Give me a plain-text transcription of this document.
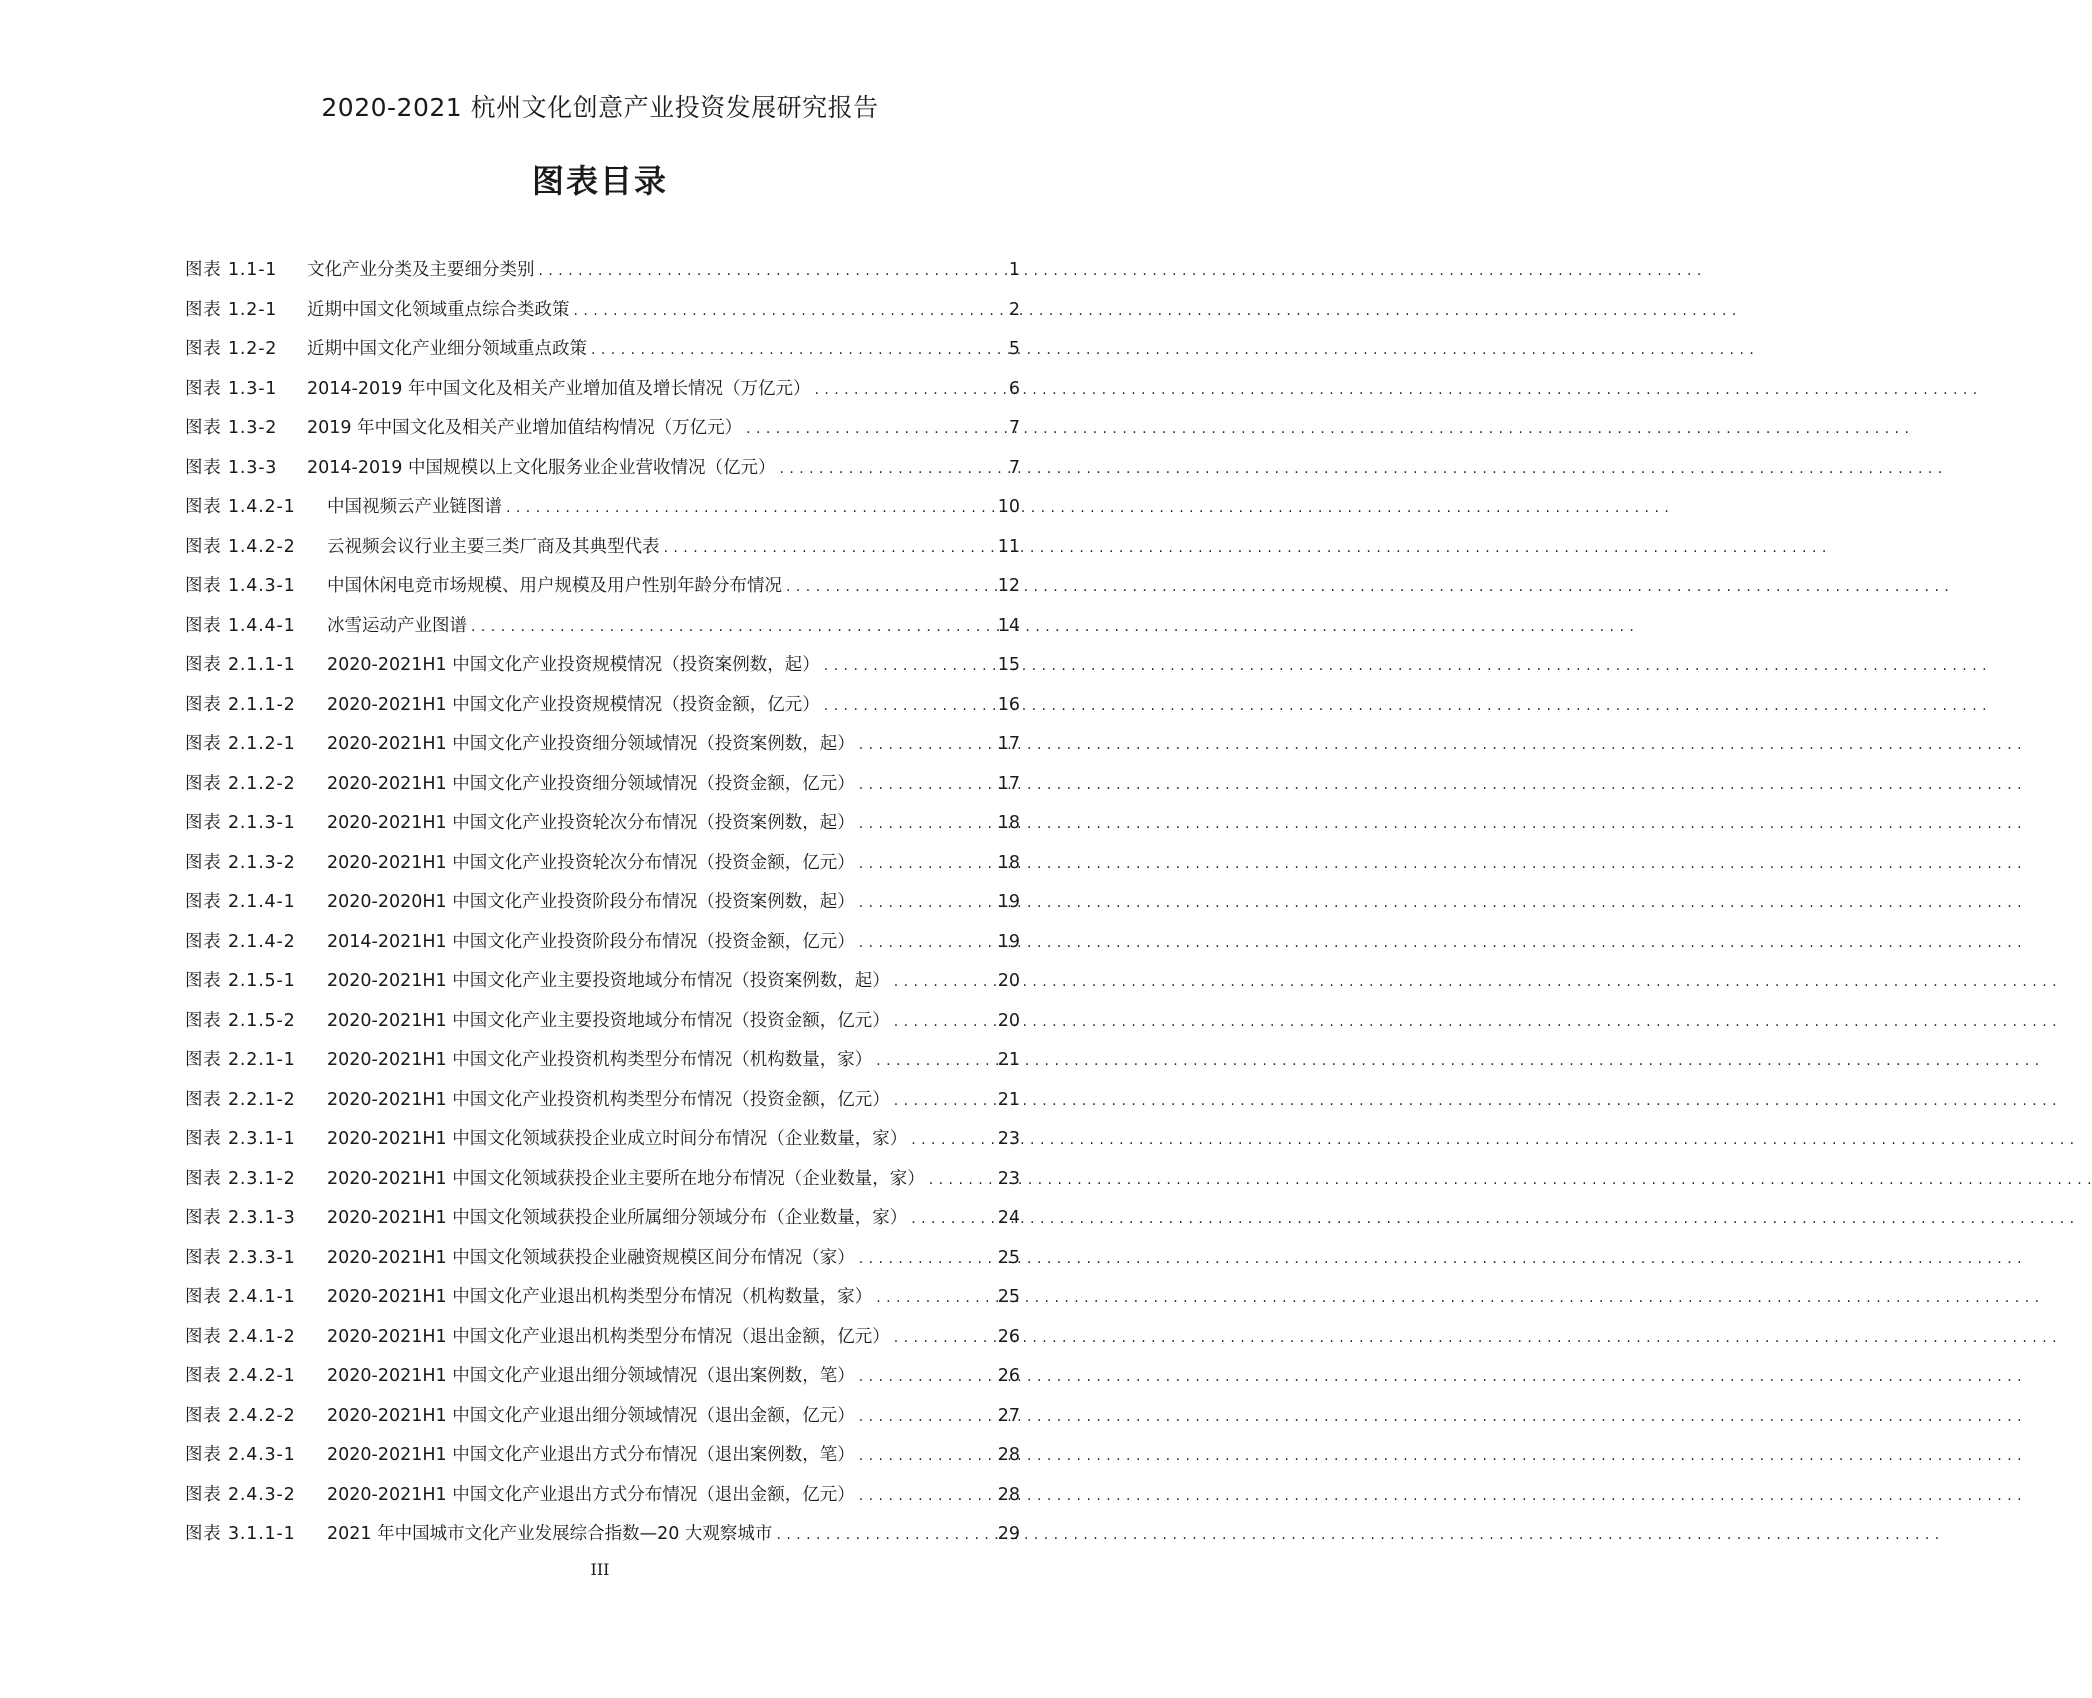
2020-2021 杭州文化创意产业投资发展研究报告
图表目录
图表 1.1-1	文化产业分类及主要细分类别 . . .	1
图表 1.2-1	近期中国文化领域重点综合类政策 . . .	2
图表 1.2-2	近期中国文化产业细分领域重点政策 . . .	5
图表 1.3-1	2014-2019 年中国文化及相关产业增加值及增长情况（万亿元） . . .	6
图表 1.3-2	2019 年中国文化及相关产业增加值结构情况（万亿元） . . .	7
图表 1.3-3	2014-2019 中国规模以上文化服务业企业营收情况（亿元） . . .	7
图表 1.4.2-1	中国视频云产业链图谱 . . .	10
图表 1.4.2-2	云视频会议行业主要三类厂商及其典型代表 . . .	11
图表 1.4.3-1	中国休闲电竞市场规模、用户规模及用户性别年龄分布情况 . . .	12
图表 1.4.4-1	冰雪运动产业图谱 . . .	14
图表 2.1.1-1	2020-2021H1 中国文化产业投资规模情况（投资案例数，起） . . .	15
图表 2.1.1-2	2020-2021H1 中国文化产业投资规模情况（投资金额，亿元） . . .	16
图表 2.1.2-1	2020-2021H1 中国文化产业投资细分领域情况（投资案例数，起） . . .	17
图表 2.1.2-2	2020-2021H1 中国文化产业投资细分领域情况（投资金额，亿元） . . .	17
图表 2.1.3-1	2020-2021H1 中国文化产业投资轮次分布情况（投资案例数，起） . . .	18
图表 2.1.3-2	2020-2021H1 中国文化产业投资轮次分布情况（投资金额，亿元） . . .	18
图表 2.1.4-1	2020-2020H1 中国文化产业投资阶段分布情况（投资案例数，起） . . .	19
图表 2.1.4-2	2014-2021H1 中国文化产业投资阶段分布情况（投资金额，亿元） . . .	19
图表 2.1.5-1	2020-2021H1 中国文化产业主要投资地域分布情况（投资案例数，起） . . .	20
图表 2.1.5-2	2020-2021H1 中国文化产业主要投资地域分布情况（投资金额，亿元） . . .	20
图表 2.2.1-1	2020-2021H1 中国文化产业投资机构类型分布情况（机构数量，家） . . .	21
图表 2.2.1-2	2020-2021H1 中国文化产业投资机构类型分布情况（投资金额，亿元） . . .	21
图表 2.3.1-1	2020-2021H1 中国文化领域获投企业成立时间分布情况（企业数量，家） . . .	23
图表 2.3.1-2	2020-2021H1 中国文化领域获投企业主要所在地分布情况（企业数量，家） . . .	23
图表 2.3.1-3	2020-2021H1 中国文化领域获投企业所属细分领域分布（企业数量，家） . . .	24
图表 2.3.3-1	2020-2021H1 中国文化领域获投企业融资规模区间分布情况（家） . . .	25
图表 2.4.1-1	2020-2021H1 中国文化产业退出机构类型分布情况（机构数量，家） . . .	25
图表 2.4.1-2	2020-2021H1 中国文化产业退出机构类型分布情况（退出金额，亿元） . . .	26
图表 2.4.2-1	2020-2021H1 中国文化产业退出细分领域情况（退出案例数，笔） . . .	26
图表 2.4.2-2	2020-2021H1 中国文化产业退出细分领域情况（退出金额，亿元） . . .	27
图表 2.4.3-1	2020-2021H1 中国文化产业退出方式分布情况（退出案例数，笔） . . .	28
图表 2.4.3-2	2020-2021H1 中国文化产业退出方式分布情况（退出金额，亿元） . . .	28
图表 3.1.1-1	2021 年中国城市文化产业发展综合指数—20 大观察城市 . . .	29
III
